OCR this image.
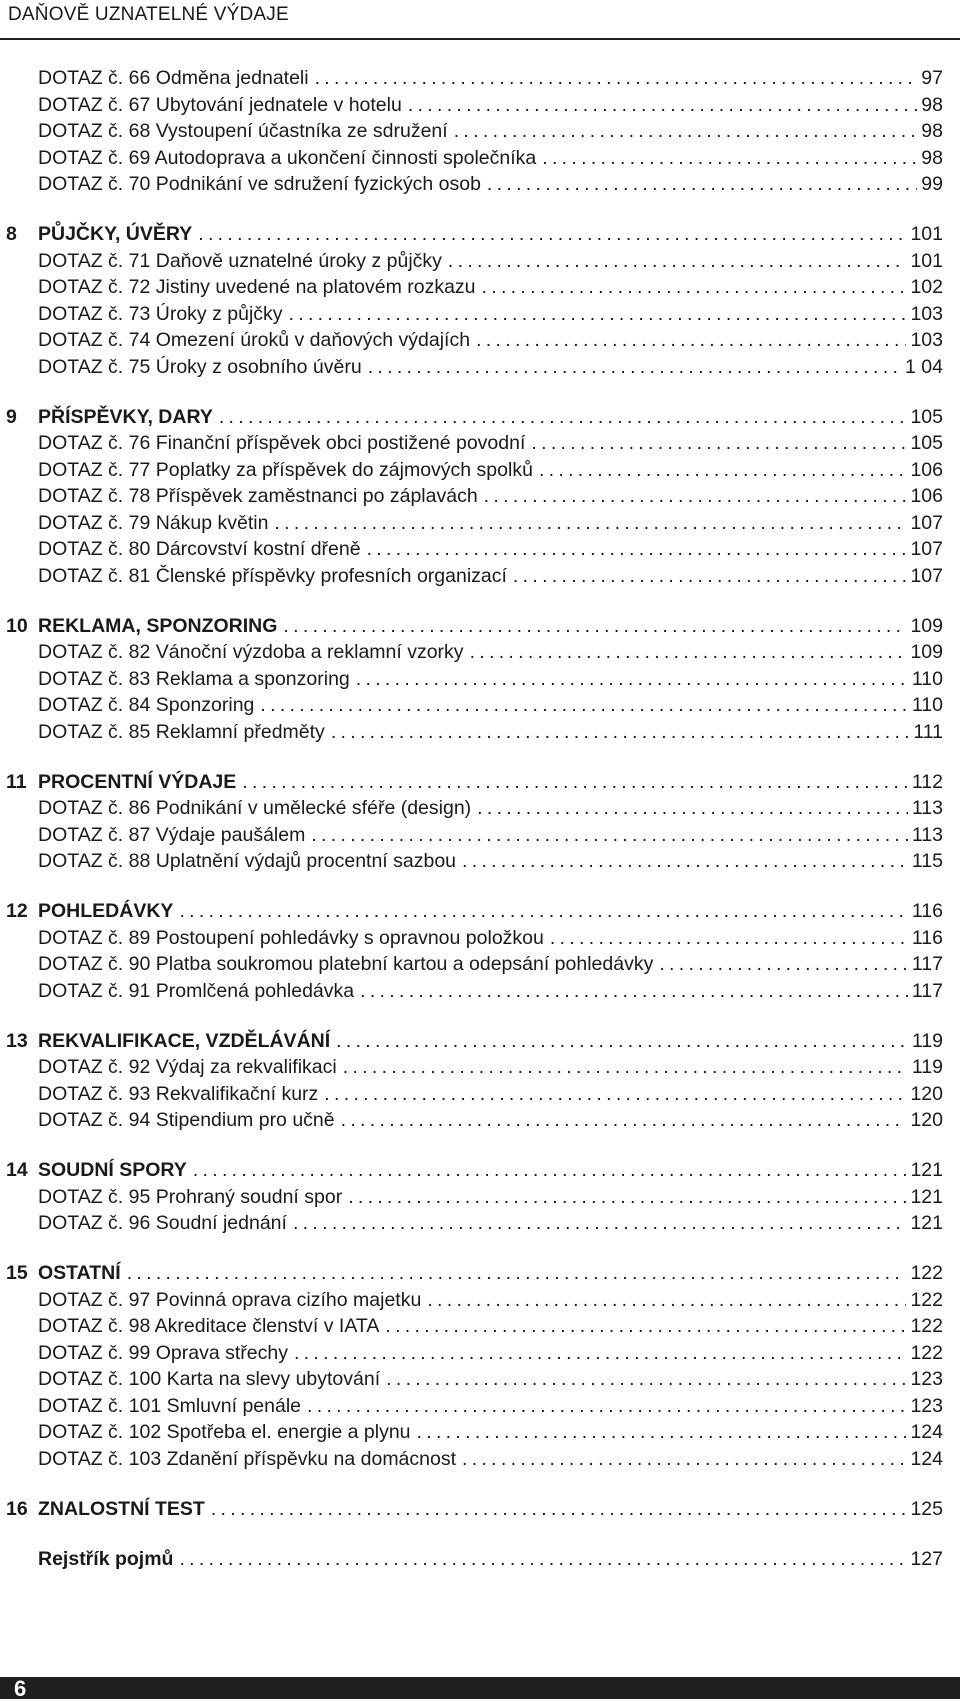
DAŇOVĚ UZNATELNÉ VÝDAJE
DOTAZ č. 66 Odměna jednateli .....	97
DOTAZ č. 67 Ubytování jednatele v hotelu .....	98
DOTAZ č. 68 Vystoupení účastníka ze sdružení .....	98
DOTAZ č. 69 Autodoprava a ukončení činnosti společníka .....	98
DOTAZ č. 70 Podnikání ve sdružení fyzických osob .....	99
8	PŮJČKY, ÚVĚRY .....	101
DOTAZ č. 71 Daňově uznatelné úroky z půjčky .....	101
DOTAZ č. 72 Jistiny uvedené na platovém rozkazu .....	102
DOTAZ č. 73 Úroky z půjčky .....	103
DOTAZ č. 74 Omezení úroků v daňových výdajích .....	103
DOTAZ č. 75 Úroky z osobního úvěru .....	1 04
9	PŘÍSPĚVKY, DARY .....	105
DOTAZ č. 76 Finanční příspěvek obci postižené povodní .....	105
DOTAZ č. 77 Poplatky za příspěvek do zájmových spolků .....	106
DOTAZ č. 78 Příspěvek zaměstnanci po záplavách .....	106
DOTAZ č. 79 Nákup květin .....	107
DOTAZ č. 80 Dárcovství kostní dřeně .....	107
DOTAZ č. 81 Členské příspěvky profesních organizací .....	107
10 REKLAMA, SPONZORING .....	109
DOTAZ č. 82 Vánoční výzdoba a reklamní vzorky .....	109
DOTAZ č. 83 Reklama a sponzoring .....	110
DOTAZ č. 84 Sponzoring .....	110
DOTAZ č. 85 Reklamní předměty .....	111
11 PROCENTNÍ VÝDAJE .....	112
DOTAZ č. 86 Podnikání v umělecké sféře (design) .....	113
DOTAZ č. 87 Výdaje paušálem .....	113
DOTAZ č. 88 Uplatnění výdajů procentní sazbou .....	115
12 POHLEDÁVKY .....	116
DOTAZ č. 89 Postoupení pohledávky s opravnou položkou .....	116
DOTAZ č. 90 Platba soukromou platební kartou a odepsání pohledávky .....	117
DOTAZ č. 91 Promlčená pohledávka .....	117
13 REKVALIFIKACE, VZDĚLÁVÁNÍ .....	119
DOTAZ č. 92 Výdaj za rekvalifikaci .....	119
DOTAZ č. 93 Rekvalifikační kurz .....	120
DOTAZ č. 94 Stipendium pro učně .....	120
14 SOUDNÍ SPORY .....	121
DOTAZ č. 95 Prohraný soudní spor .....	121
DOTAZ č. 96 Soudní jednání .....	121
15 OSTATNÍ .....	122
DOTAZ č. 97 Povinná oprava cizího majetku .....	122
DOTAZ č. 98 Akreditace členství v IATA .....	122
DOTAZ č. 99 Oprava střechy .....	122
DOTAZ č. 100 Karta na slevy ubytování .....	123
DOTAZ č. 101 Smluvní penále .....	123
DOTAZ č. 102 Spotřeba el. energie a plynu .....	124
DOTAZ č. 103 Zdanění příspěvku na domácnost .....	124
16 ZNALOSTNÍ TEST .....	125
Rejstřík pojmů .....	127
6
